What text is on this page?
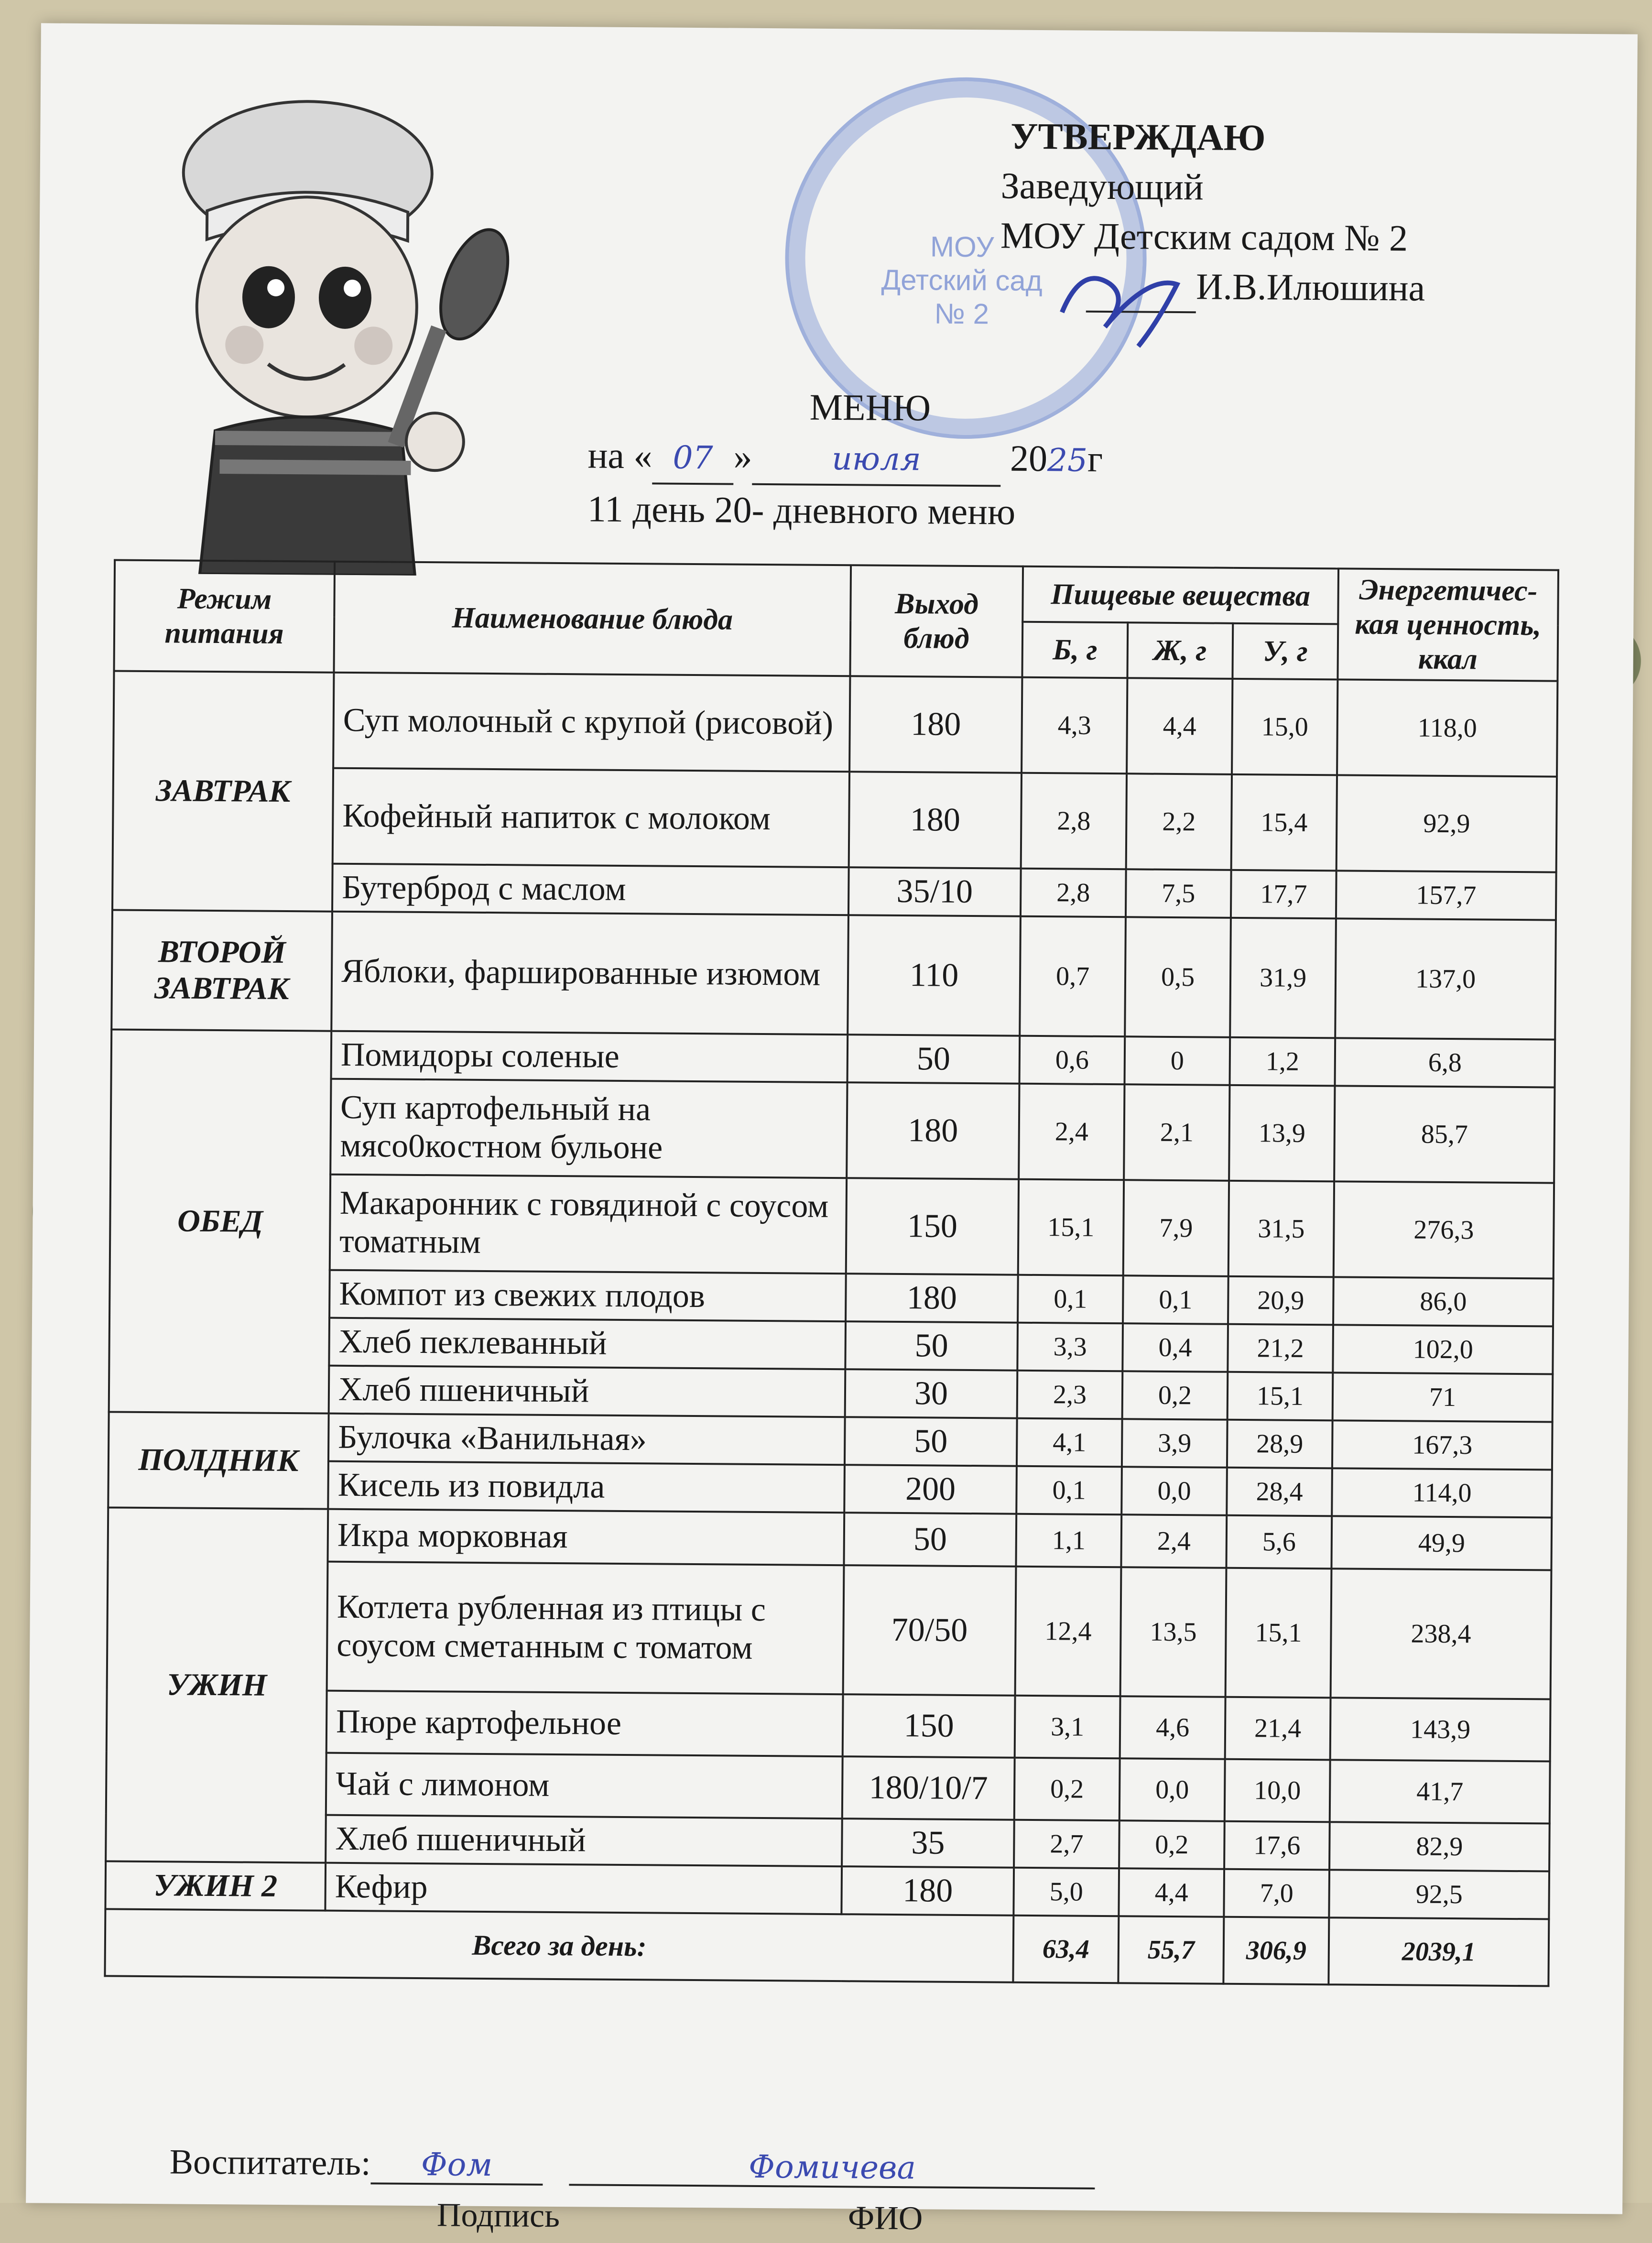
МОУ
Детский сад
№ 2
УТВЕРЖДАЮ
Заведующий
МОУ Детским садом № 2
И.В.Илюшина
МЕНЮ
на « 07 »	июля 2025г
11 день 20- дневного меню
Режим питания	Наименование блюда	Выход блюд	Пищевые вещества			Энергетичес-кая ценность, ккал
			Б, г	Ж, г	У, г	
ЗАВТРАК	Суп молочный с крупой (рисовой)	180	4,3	4,4	15,0	118,0
	Кофейный напиток с молоком	180	2,8	2,2	15,4	92,9
	Бутерброд с маслом	35/10	2,8	7,5	17,7	157,7
ВТОРОЙ ЗАВТРАК	Яблоки, фаршированные изюмом	110	0,7	0,5	31,9	137,0
ОБЕД	Помидоры соленые	50	0,6	0	1,2	6,8
	Суп картофельный на мясо0костном бульоне	180	2,4	2,1	13,9	85,7
	Макаронник с говядиной с соусом томатным	150	15,1	7,9	31,5	276,3
	Компот из свежих плодов	180	0,1	0,1	20,9	86,0
	Хлеб пеклеванный	50	3,3	0,4	21,2	102,0
	Хлеб пшеничный	30	2,3	0,2	15,1	71
ПОЛДНИК	Булочка «Ванильная»	50	4,1	3,9	28,9	167,3
	Кисель из повидла	200	0,1	0,0	28,4	114,0
УЖИН	Икра морковная	50	1,1	2,4	5,6	49,9
	Котлета рубленная из птицы с соусом сметанным с томатом	70/50	12,4	13,5	15,1	238,4
	Пюре картофельное	150	3,1	4,6	21,4	143,9
	Чай с лимоном	180/10/7	0,2	0,0	10,0	41,7
	Хлеб пшеничный	35	2,7	0,2	17,6	82,9
УЖИН 2	Кефир	180	5,0	4,4	7,0	92,5
Всего за день:			63,4	55,7	306,9	2039,1
Воспитатель: Фом	Фомичева
Подпись	ФИО
